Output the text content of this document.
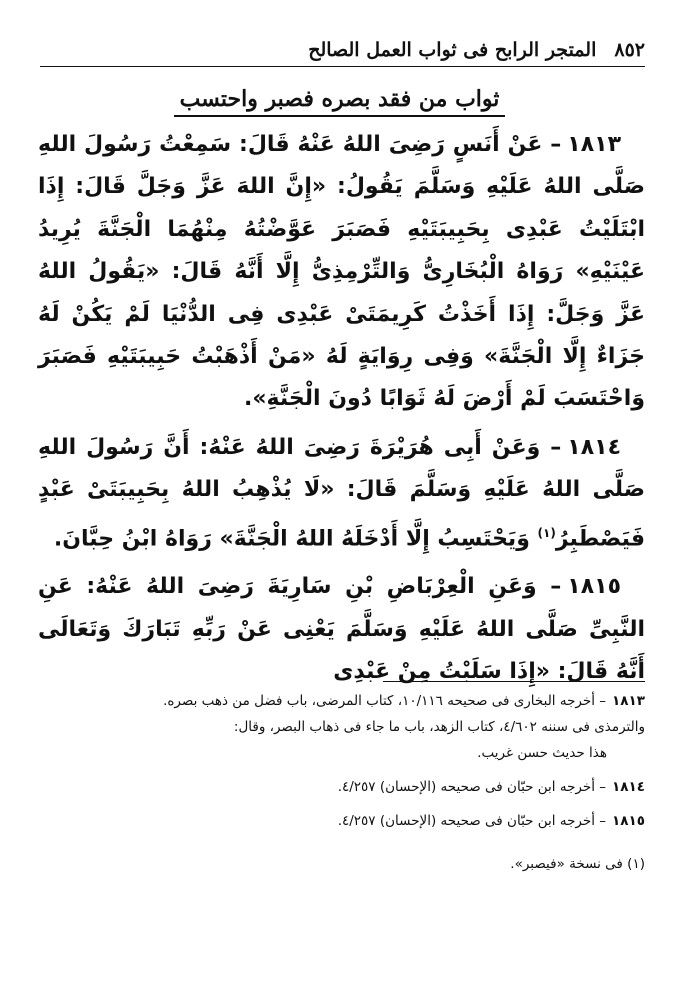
٨٥٢
المتجر الرابح فى ثواب العمل الصالح
ثواب من فقد بصره فصبر واحتسب

١٨١٣– عَنْ أَنَسٍ رَضِىَ اللهُ عَنْهُ قَالَ: سَمِعْتُ رَسُولَ اللهِ صَلَّى اللهُ عَلَيْهِ وَسَلَّمَ يَقُولُ: «إِنَّ اللهَ عَزَّ وَجَلَّ قَالَ: إِذَا ابْتَلَيْتُ عَبْدِى بِحَبِيبَتَيْهِ فَصَبَرَ عَوَّضْتُهُ مِنْهُمَا الْجَنَّةَ يُرِيدُ عَيْنَيْهِ» رَوَاهُ الْبُخَارِىُّ وَالتِّرْمِذِىُّ إِلَّا أَنَّهُ قَالَ: «يَقُولُ اللهُ عَزَّ وَجَلَّ: إِذَا أَخَذْتُ كَرِيمَتَىْ عَبْدِى فِى الدُّنْيَا لَمْ يَكُنْ لَهُ جَزَاءٌ إِلَّا الْجَنَّةَ» وَفِى رِوَايَةٍ لَهُ «مَنْ أَذْهَبْتُ حَبِيبَتَيْهِ فَصَبَرَ وَاحْتَسَبَ لَمْ أَرْضَ لَهُ ثَوَابًا دُونَ الْجَنَّةِ».

١٨١٤– وَعَنْ أَبِى هُرَيْرَةَ رَضِىَ اللهُ عَنْهُ: أَنَّ رَسُولَ اللهِ صَلَّى اللهُ عَلَيْهِ وَسَلَّمَ قَالَ: «لَا يُذْهِبُ اللهُ بِحَبِيبَتَىْ عَبْدٍ فَيَصْطَبِرُ$^{(١)}$ وَيَحْتَسِبُ إِلَّا أَدْخَلَهُ اللهُ الْجَنَّةَ» رَوَاهُ ابْنُ حِبَّانَ.

١٨١٥– وَعَنِ الْعِرْبَاضِ بْنِ سَارِيَةَ رَضِىَ اللهُ عَنْهُ: عَنِ النَّبِىِّ صَلَّى اللهُ عَلَيْهِ وَسَلَّمَ يَعْنِى عَنْ رَبِّهِ تَبَارَكَ وَتَعَالَى أَنَّهُ قَالَ: «إِذَا سَلَبْتُ مِنْ عَبْدِى

١٨١٣– أخرجه البخارى فى صحيحه ١٠/١١٦، كتاب المرضى، باب فضل من ذهب بصره.
والترمذى فى سننه ٤/٦٠٢، كتاب الزهد، باب ما جاء فى ذهاب البصر، وقال:
هذا حديث حسن غريب.
١٨١٤– أخرجه ابن حبّان فى صحيحه (الإحسان) ٤/٢٥٧.
١٨١٥– أخرجه ابن حبّان فى صحيحه (الإحسان) ٤/٢٥٧.
(١) فى نسخة «فيصبر».
